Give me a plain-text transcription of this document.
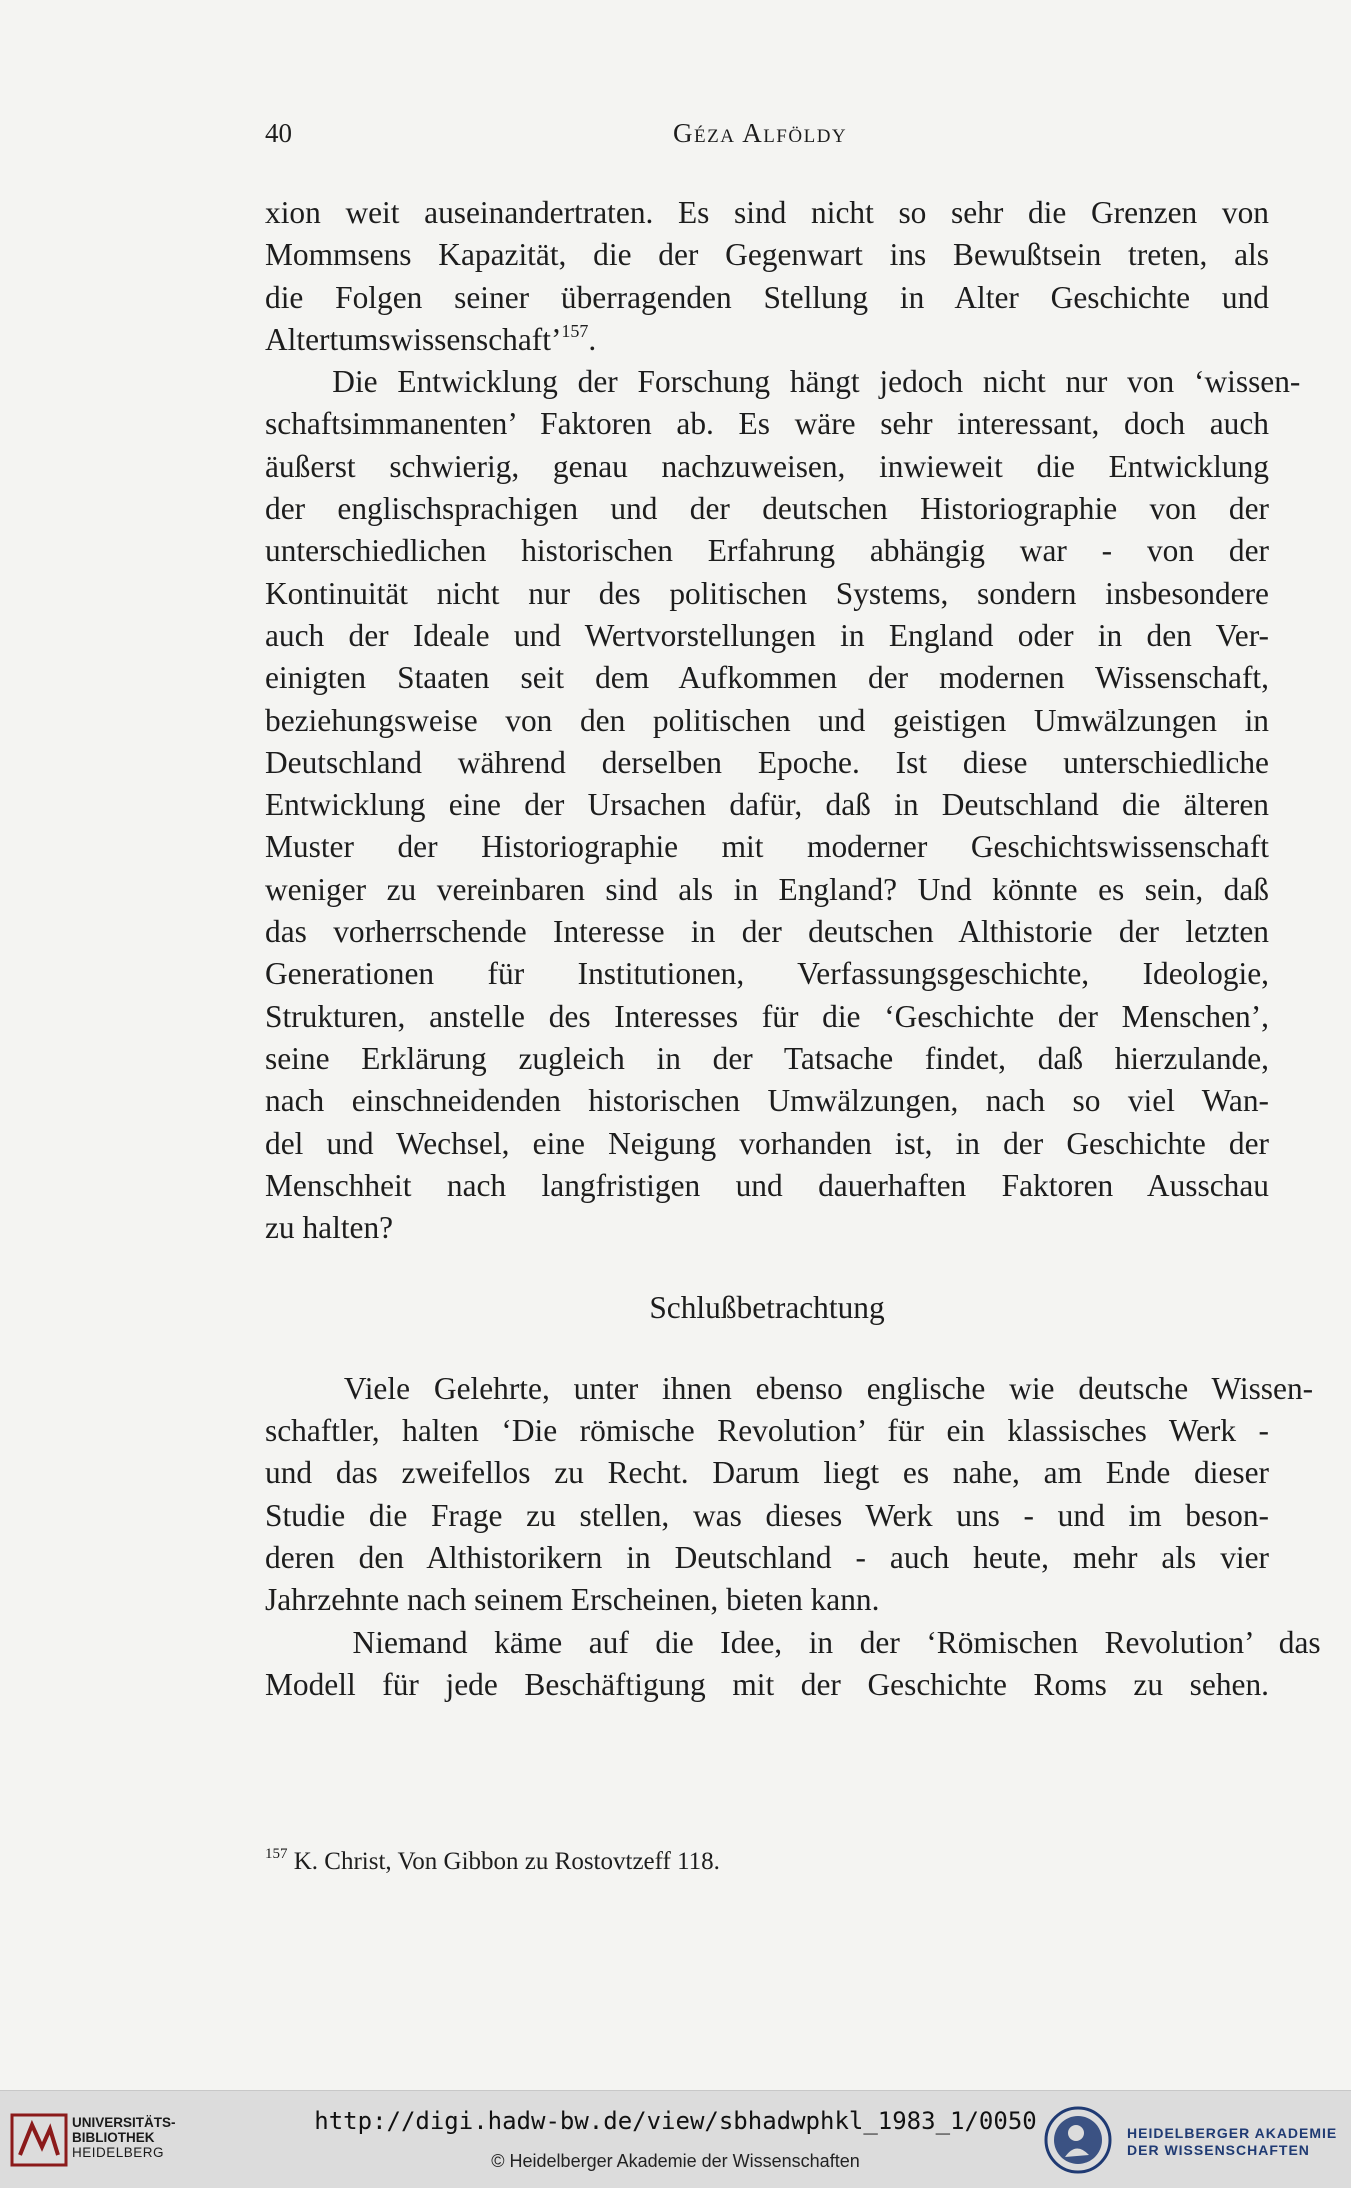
40	Géza Alföldy
xion weit auseinandertraten. Es sind nicht so sehr die Grenzen von
Mommsens Kapazität, die der Gegenwart ins Bewußtsein treten, als
die Folgen seiner überragenden Stellung in Alter Geschichte und
Altertumswissenschaft’$^{157}$.
Die Entwicklung der Forschung hängt jedoch nicht nur von ‘wissen-
schaftsimmanenten’ Faktoren ab. Es wäre sehr interessant, doch auch
äußerst schwierig, genau nachzuweisen, inwieweit die Entwicklung
der englischsprachigen und der deutschen Historiographie von der
unterschiedlichen historischen Erfahrung abhängig war - von der
Kontinuität nicht nur des politischen Systems, sondern insbesondere
auch der Ideale und Wertvorstellungen in England oder in den Ver-
einigten Staaten seit dem Aufkommen der modernen Wissenschaft,
beziehungsweise von den politischen und geistigen Umwälzungen in
Deutschland während derselben Epoche. Ist diese unterschiedliche
Entwicklung eine der Ursachen dafür, daß in Deutschland die älteren
Muster der Historiographie mit moderner Geschichtswissenschaft
weniger zu vereinbaren sind als in England? Und könnte es sein, daß
das vorherrschende Interesse in der deutschen Althistorie der letzten
Generationen für Institutionen, Verfassungsgeschichte, Ideologie,
Strukturen, anstelle des Interesses für die ‘Geschichte der Menschen’,
seine Erklärung zugleich in der Tatsache findet, daß hierzulande,
nach einschneidenden historischen Umwälzungen, nach so viel Wan-
del und Wechsel, eine Neigung vorhanden ist, in der Geschichte der
Menschheit nach langfristigen und dauerhaften Faktoren Ausschau
zu halten?
Schlußbetrachtung
Viele Gelehrte, unter ihnen ebenso englische wie deutsche Wissen-
schaftler, halten ‘Die römische Revolution’ für ein klassisches Werk -
und das zweifellos zu Recht. Darum liegt es nahe, am Ende dieser
Studie die Frage zu stellen, was dieses Werk uns - und im beson-
deren den Althistorikern in Deutschland - auch heute, mehr als vier
Jahrzehnte nach seinem Erscheinen, bieten kann.
Niemand käme auf die Idee, in der ‘Römischen Revolution’ das
Modell für jede Beschäftigung mit der Geschichte Roms zu sehen.
$^{157}$ K. Christ, Von Gibbon zu Rostovtzeff 118.
UNIVERSITÄTS-
BIBLIOTHEK
HEIDELBERG
http://digi.hadw-bw.de/view/sbhadwphkl_1983_1/0050
© Heidelberger Akademie der Wissenschaften
HEIDELBERGER AKADEMIE
DER WISSENSCHAFTEN
